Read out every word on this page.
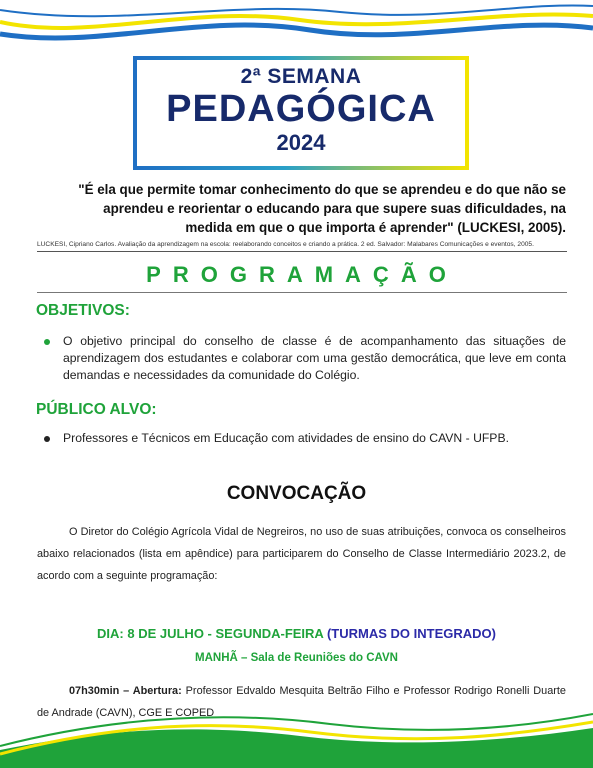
2ª SEMANA
PEDAGÓGICA
2024
"É ela que permite tomar conhecimento do que se aprendeu e do que não se aprendeu e reorientar o educando para que supere suas dificuldades, na medida em que o que importa é aprender" (LUCKESI, 2005).
LUCKESI, Cipriano Carlos. Avaliação da aprendizagem na escola: reelaborando conceitos e criando a prática. 2 ed. Salvador: Malabares Comunicações e eventos, 2005.
PROGRAMAÇÃO
OBJETIVOS:
O objetivo principal do conselho de classe é de acompanhamento das situações de aprendizagem dos estudantes e colaborar com uma gestão democrática, que leve em conta demandas e necessidades da comunidade do Colégio.
PÚBLICO ALVO:
Professores e Técnicos em Educação com atividades de ensino do CAVN - UFPB.
CONVOCAÇÃO
O Diretor do Colégio Agrícola Vidal de Negreiros, no uso de suas atribuições, convoca os conselheiros abaixo relacionados (lista em apêndice) para participarem do Conselho de Classe Intermediário 2023.2, de acordo com a seguinte programação:
DIA: 8 DE JULHO - SEGUNDA-FEIRA (TURMAS DO INTEGRADO)
MANHÃ – Sala de Reuniões do CAVN
07h30min – Abertura: Professor Edvaldo Mesquita Beltrão Filho e Professor Rodrigo Ronelli Duarte de Andrade (CAVN), CGE E COPED
